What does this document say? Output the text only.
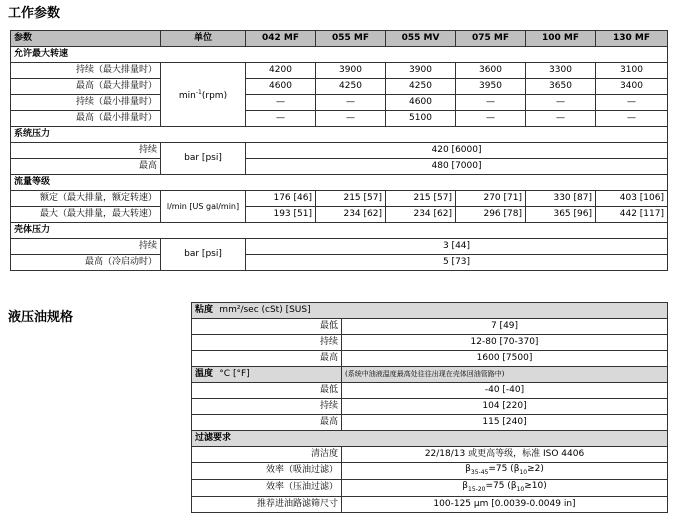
工作参数
参数	单位	042 MF	055 MF	055 MV	075 MF	100 MF	130 MF
允许最大转速							
持续（最大排量时）	$\min^{-1}(rpm)$	4200	3900	3900	3600	3300	3100
最高（最大排量时）		4600	4250	4250	3950	3650	3400
持续（最小排量时）		—	—	4600	—	—	—
最高（最小排量时）		—	—	5100	—	—	—
系统压力							
持续	bar [psi]	420 [6000]					
最高		480 [7000]					
流量等级							
额定（最大排量，额定转速）	l/min [US gal/min]	176 [46]	215 [57]	215 [57]	270 [71]	330 [87]	403 [106]
最大（最大排量，最大转速）		193 [51]	234 [62]	234 [62]	296 [78]	365 [96]	442 [117]
壳体压力							
持续	bar [psi]	3 [44]					
最高（冷启动时）		5 [73]					
液压油规格	粘度 mm²/sec (cSt) [SUS]	
最低	7 [49]
持续	12-80 [70-370]
最高	1600 [7500]
温度 °C [°F]	(系统中油液温度最高处往往出现在壳体回油管路中)
最低	-40 [-40]
持续	104 [220]
最高	115 [240]
过滤要求	
清洁度	22/18/13 或更高等级，标准 ISO 4406
效率（吸油过滤）	$\beta_{35-45}=75$ $(\beta_{10}\ge 2)$
效率（压油过滤）	$\beta_{15-20}=75$ $(\beta_{10}\ge 10)$
推荐进油路滤筛尺寸	100-125 μm [0.0039-0.0049 in]
